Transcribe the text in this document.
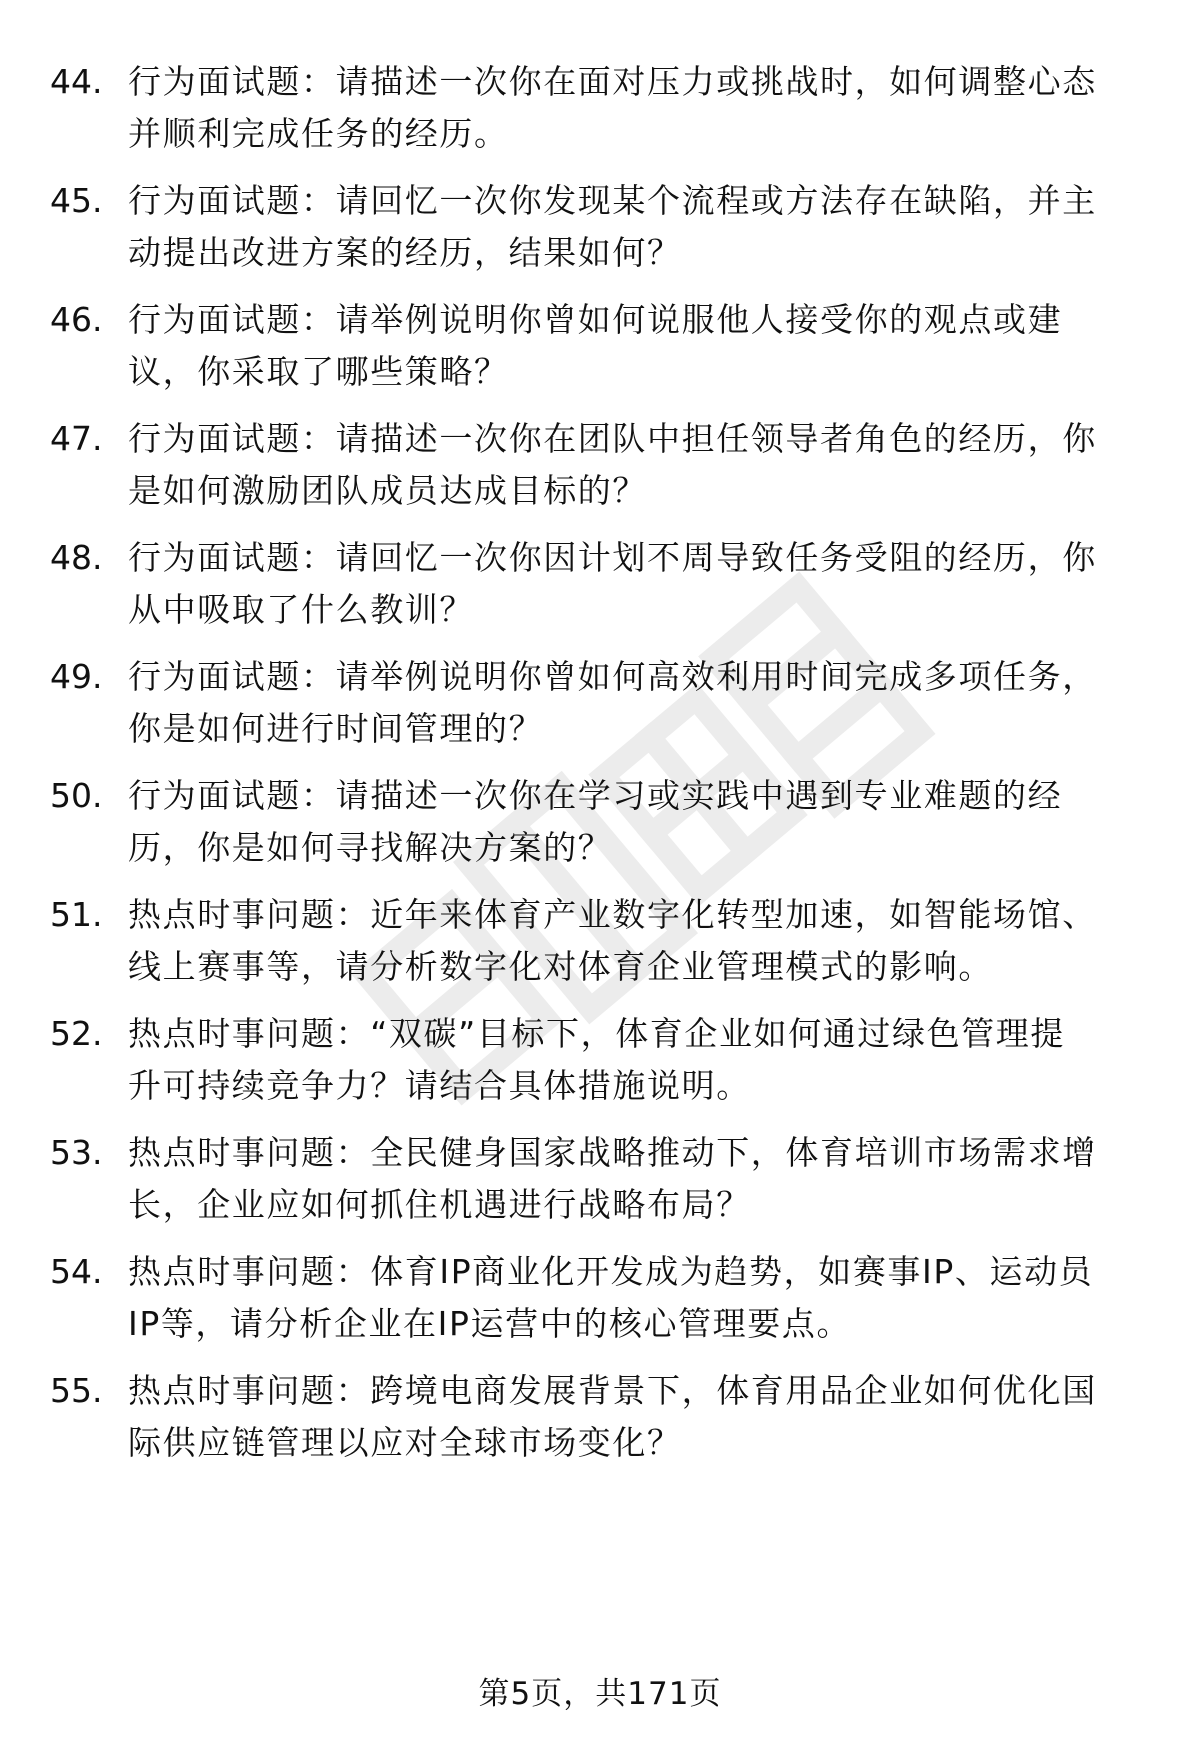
44. 行为面试题：请描述一次你在面对压力或挑战时，如何调整心态
并顺利完成任务的经历。
45. 行为面试题：请回忆一次你发现某个流程或方法存在缺陷，并主
动提出改进方案的经历，结果如何？
46. 行为面试题：请举例说明你曾如何说服他人接受你的观点或建
议，你采取了哪些策略？
47. 行为面试题：请描述一次你在团队中担任领导者角色的经历，你
是如何激励团队成员达成目标的？
48. 行为面试题：请回忆一次你因计划不周导致任务受阻的经历，你
从中吸取了什么教训？
49. 行为面试题：请举例说明你曾如何高效利用时间完成多项任务，
你是如何进行时间管理的？
50. 行为面试题：请描述一次你在学习或实践中遇到专业难题的经
历，你是如何寻找解决方案的？
51. 热点时事问题：近年来体育产业数字化转型加速，如智能场馆、
线上赛事等，请分析数字化对体育企业管理模式的影响。
52. 热点时事问题：“双碳”目标下，体育企业如何通过绿色管理提
升可持续竞争力？请结合具体措施说明。
53. 热点时事问题：全民健身国家战略推动下，体育培训市场需求增
长，企业应如何抓住机遇进行战略布局？
54. 热点时事问题：体育IP商业化开发成为趋势，如赛事IP、运动员
IP等，请分析企业在IP运营中的核心管理要点。
55. 热点时事问题：跨境电商发展背景下，体育用品企业如何优化国
际供应链管理以应对全球市场变化？
第5页，共171页
